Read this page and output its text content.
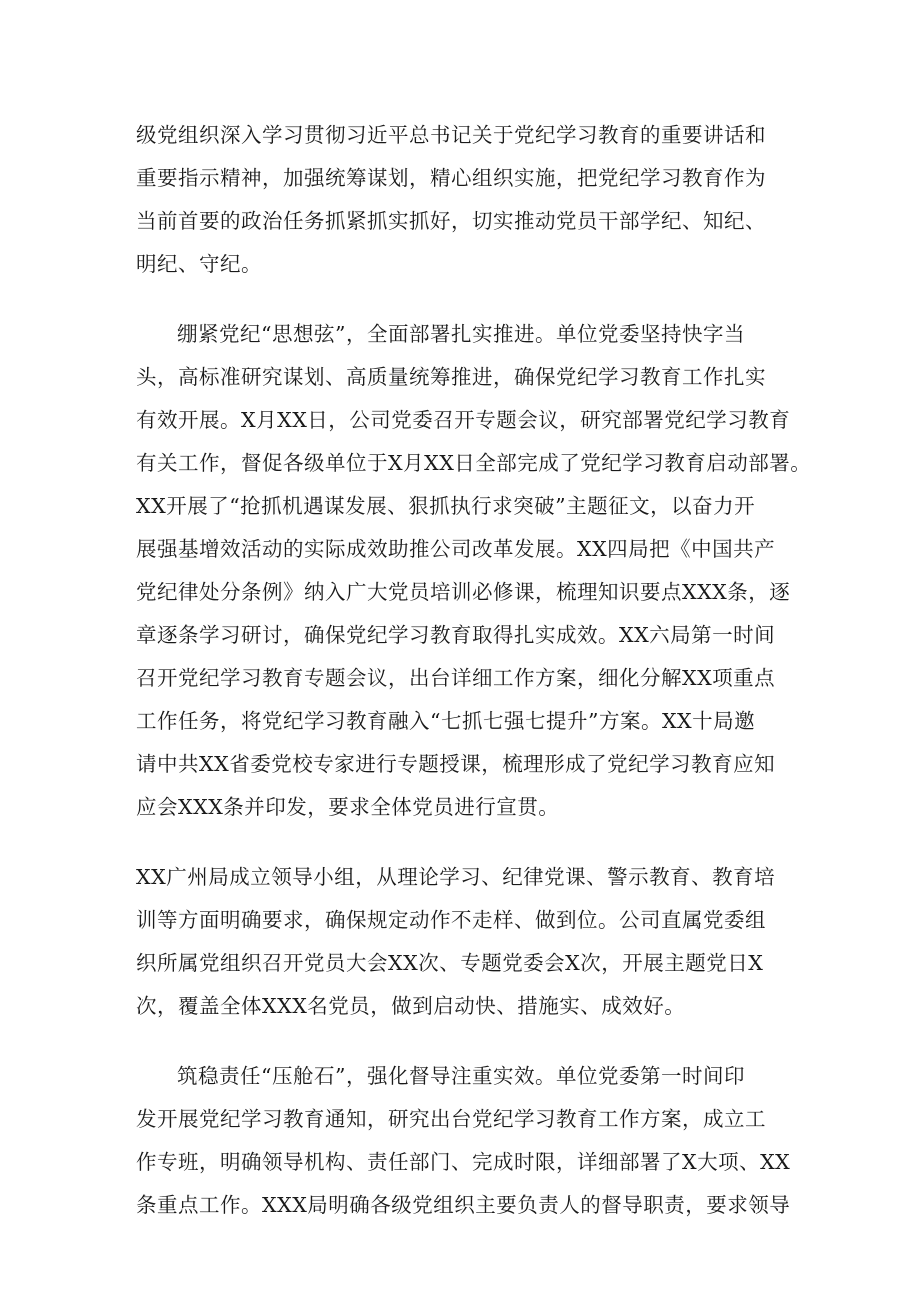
级党组织深入学习贯彻习近平总书记关于党纪学习教育的重要讲话和
重要指示精神，加强统筹谋划，精心组织实施，把党纪学习教育作为
当前首要的政治任务抓紧抓实抓好，切实推动党员干部学纪、知纪、
明纪、守纪。
绷紧党纪“思想弦”，全面部署扎实推进。单位党委坚持快字当
头，高标准研究谋划、高质量统筹推进，确保党纪学习教育工作扎实
有效开展。X月XX日，公司党委召开专题会议，研究部署党纪学习教育
有关工作，督促各级单位于X月XX日全部完成了党纪学习教育启动部署。
XX开展了“抢抓机遇谋发展、狠抓执行求突破”主题征文，以奋力开
展强基增效活动的实际成效助推公司改革发展。XX四局把《中国共产
党纪律处分条例》纳入广大党员培训必修课，梳理知识要点XXX条，逐
章逐条学习研讨，确保党纪学习教育取得扎实成效。XX六局第一时间
召开党纪学习教育专题会议，出台详细工作方案，细化分解XX项重点
工作任务，将党纪学习教育融入“七抓七强七提升”方案。XX十局邀
请中共XX省委党校专家进行专题授课，梳理形成了党纪学习教育应知
应会XXX条并印发，要求全体党员进行宣贯。
XX广州局成立领导小组，从理论学习、纪律党课、警示教育、教育培
训等方面明确要求，确保规定动作不走样、做到位。公司直属党委组
织所属党组织召开党员大会XX次、专题党委会X次，开展主题党日X
次，覆盖全体XXX名党员，做到启动快、措施实、成效好。
筑稳责任“压舱石”，强化督导注重实效。单位党委第一时间印
发开展党纪学习教育通知，研究出台党纪学习教育工作方案，成立工
作专班，明确领导机构、责任部门、完成时限，详细部署了X大项、XX
条重点工作。XXX局明确各级党组织主要负责人的督导职责，要求领导
